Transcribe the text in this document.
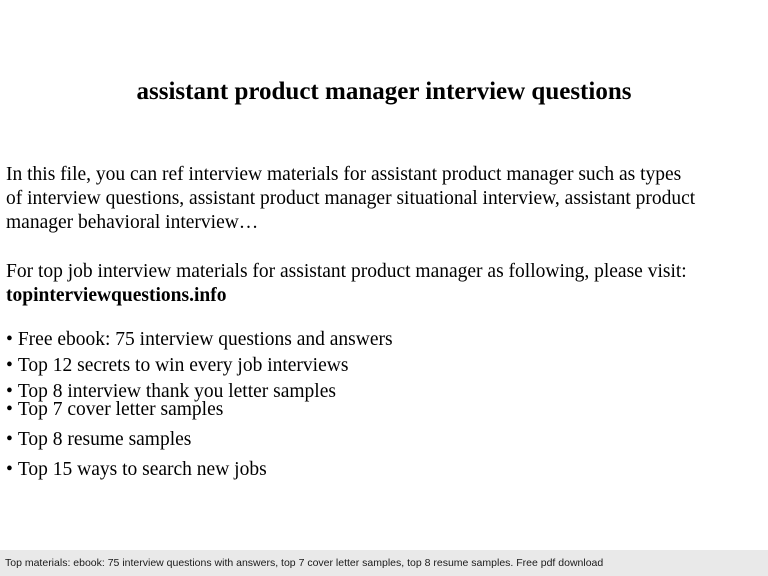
assistant product manager interview questions
In this file, you can ref interview materials for assistant product manager such as types
of interview questions, assistant product manager situational interview, assistant product
manager behavioral interview…
For top job interview materials for assistant product manager as following, please visit:
topinterviewquestions.info
• Free ebook: 75 interview questions and answers
• Top 12 secrets to win every job interviews
• Top 8 interview thank you letter samples
• Top 7 cover letter samples
• Top 8 resume samples
• Top 15 ways to search new jobs
Top materials: ebook: 75 interview questions with answers, top 7 cover letter samples, top 8 resume samples. Free pdf download
